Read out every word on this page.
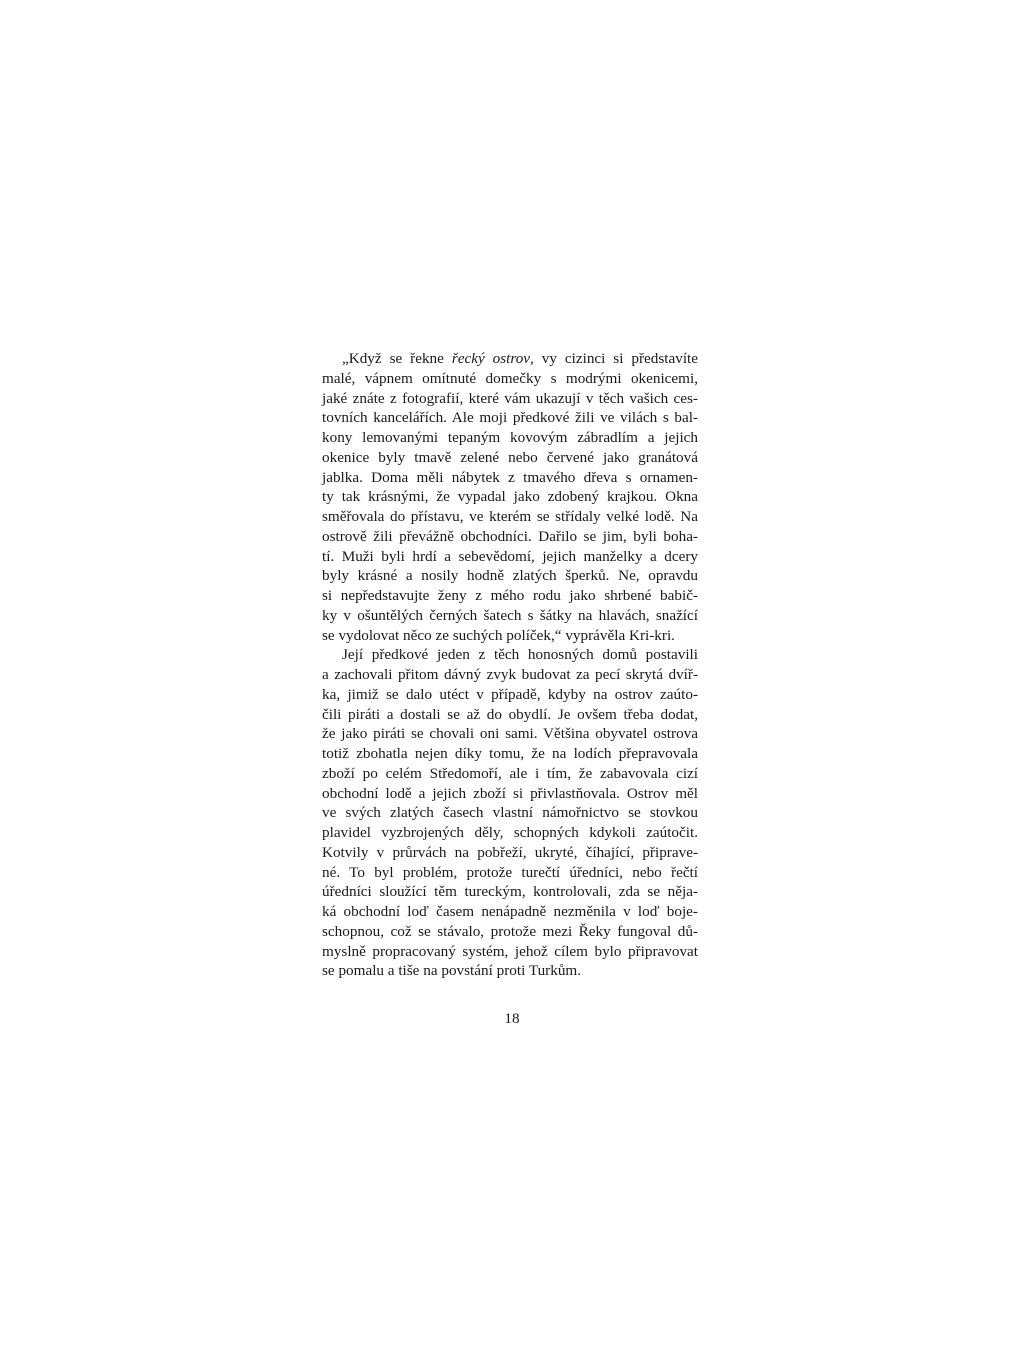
„Když se řekne řecký ostrov, vy cizinci si představíte
malé, vápnem omítnuté domečky s modrými okenicemi,
jaké znáte z fotografií, které vám ukazují v těch vašich ces-
tovních kancelářích. Ale moji předkové žili ve vilách s bal-
kony lemovanými tepaným kovovým zábradlím a jejich
okenice byly tmavě zelené nebo červené jako granátová
jablka. Doma měli nábytek z tmavého dřeva s ornamen-
ty tak krásnými, že vypadal jako zdobený krajkou. Okna
směřovala do přístavu, ve kterém se střídaly velké lodě. Na
ostrově žili převážně obchodníci. Dařilo se jim, byli boha-
tí. Muži byli hrdí a sebevědomí, jejich manželky a dcery
byly krásné a nosily hodně zlatých šperků. Ne, opravdu
si nepředstavujte ženy z mého rodu jako shrbené babič-
ky v ošuntělých černých šatech s šátky na hlavách, snažící
se vydolovat něco ze suchých políček,“ vyprávěla Kri-kri.
Její předkové jeden z těch honosných domů postavili
a zachovali přitom dávný zvyk budovat za pecí skrytá dvíř-
ka, jimiž se dalo utéct v případě, kdyby na ostrov zaúto-
čili piráti a dostali se až do obydlí. Je ovšem třeba dodat,
že jako piráti se chovali oni sami. Většina obyvatel ostrova
totiž zbohatla nejen díky tomu, že na lodích přepravovala
zboží po celém Středomoří, ale i tím, že zabavovala cizí
obchodní lodě a jejich zboží si přivlastňovala. Ostrov měl
ve svých zlatých časech vlastní námořnictvo se stovkou
plavidel vyzbrojených děly, schopných kdykoli zaútočit.
Kotvily v průrvách na pobřeží, ukryté, číhající, připrave-
né. To byl problém, protože turečtí úředníci, nebo řečtí
úředníci sloužící těm tureckým, kontrolovali, zda se něja-
ká obchodní loď časem nenápadně nezměnila v loď boje-
schopnou, což se stávalo, protože mezi Řeky fungoval dů-
myslně propracovaný systém, jehož cílem bylo připravovat
se pomalu a tiše na povstání proti Turkům.
18
